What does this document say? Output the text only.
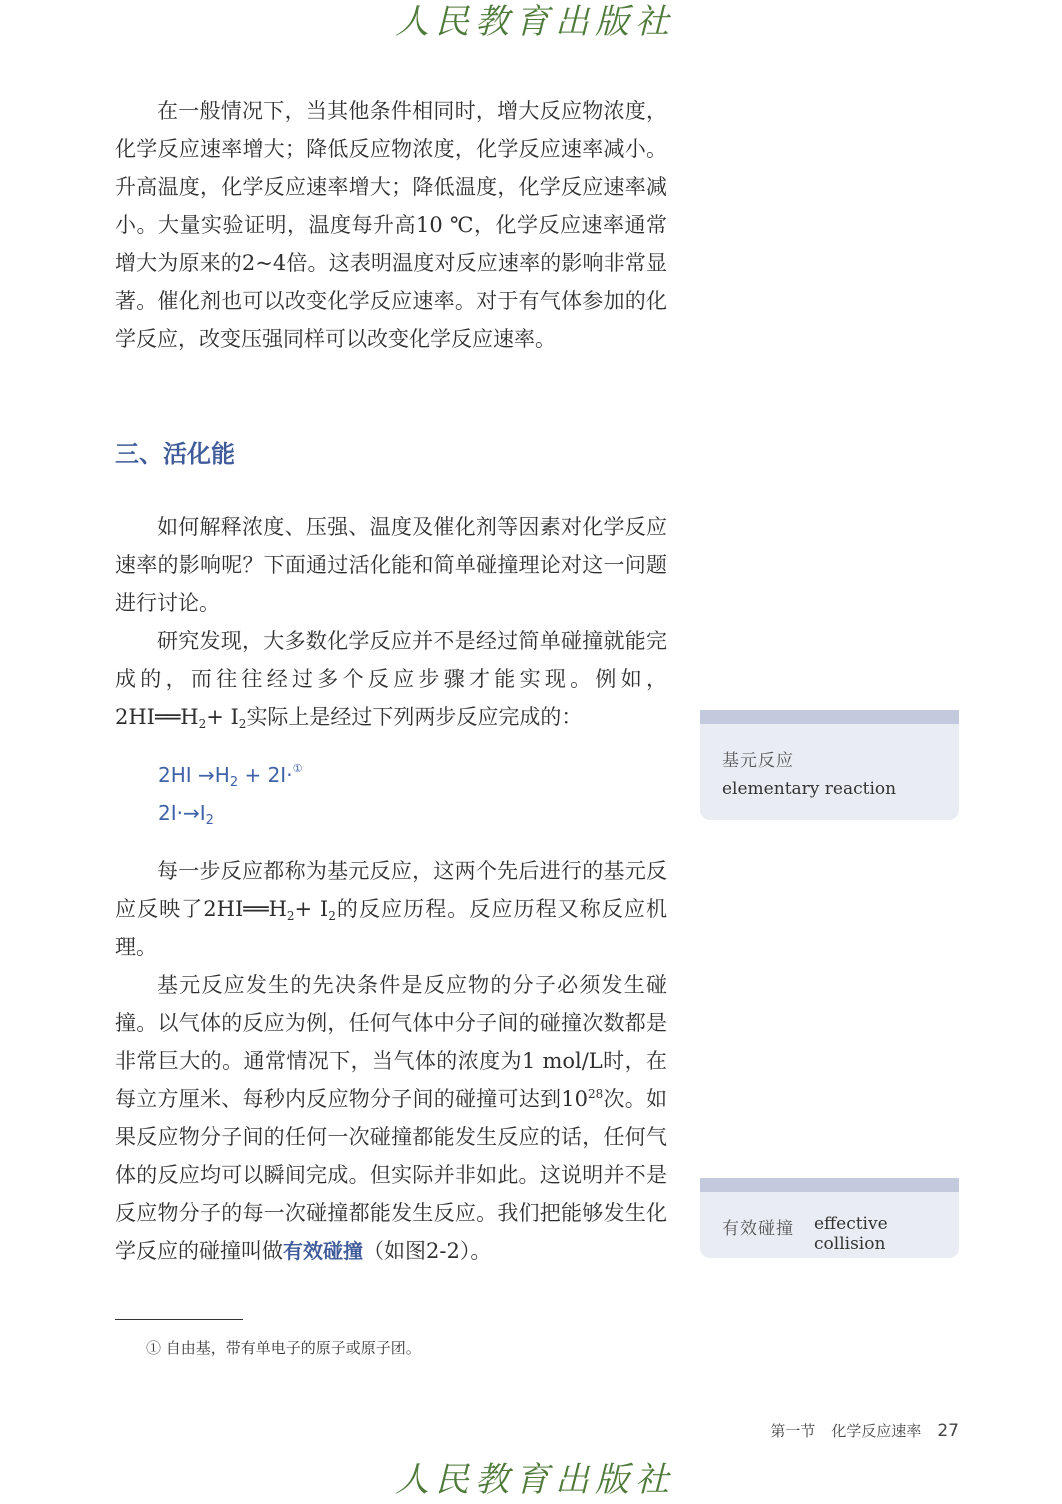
人民教育出版社

在一般情况下，当其他条件相同时，增大反应物浓度，化学反应速率增大；降低反应物浓度，化学反应速率减小。升高温度，化学反应速率增大；降低温度，化学反应速率减小。大量实验证明，温度每升高10 ℃，化学反应速率通常增大为原来的2~4倍。这表明温度对反应速率的影响非常显著。催化剂也可以改变化学反应速率。对于有气体参加的化学反应，改变压强同样可以改变化学反应速率。

三、活化能

如何解释浓度、压强、温度及催化剂等因素对化学反应速率的影响呢？下面通过活化能和简单碰撞理论对这一问题进行讨论。

研究发现，大多数化学反应并不是经过简单碰撞就能完成的，而往往经过多个反应步骤才能实现。例如，$2HI══H_2+ I_2$实际上是经过下列两步反应完成的：

$2HI \to H_2 + 2I\cdot^①$
$2I\cdot\to I_2$

每一步反应都称为基元反应，这两个先后进行的基元反应反映了$2HI══H_2+ I_2$的反应历程。反应历程又称反应机理。

基元反应发生的先决条件是反应物的分子必须发生碰撞。以气体的反应为例，任何气体中分子间的碰撞次数都是非常巨大的。通常情况下，当气体的浓度为1 mol/L时，在每立方厘米、每秒内反应物分子间的碰撞可达到$10^{28}$次。如果反应物分子间的任何一次碰撞都能发生反应的话，任何气体的反应均可以瞬间完成。但实际并非如此。这说明并不是反应物分子的每一次碰撞都能发生反应。我们把能够发生化学反应的碰撞叫做有效碰撞（如图2-2）。

基元反应
elementary reaction
有效碰撞 effective collision

① 自由基，带有单电子的原子或原子团。

第一节 化学反应速率 27
人民教育出版社
